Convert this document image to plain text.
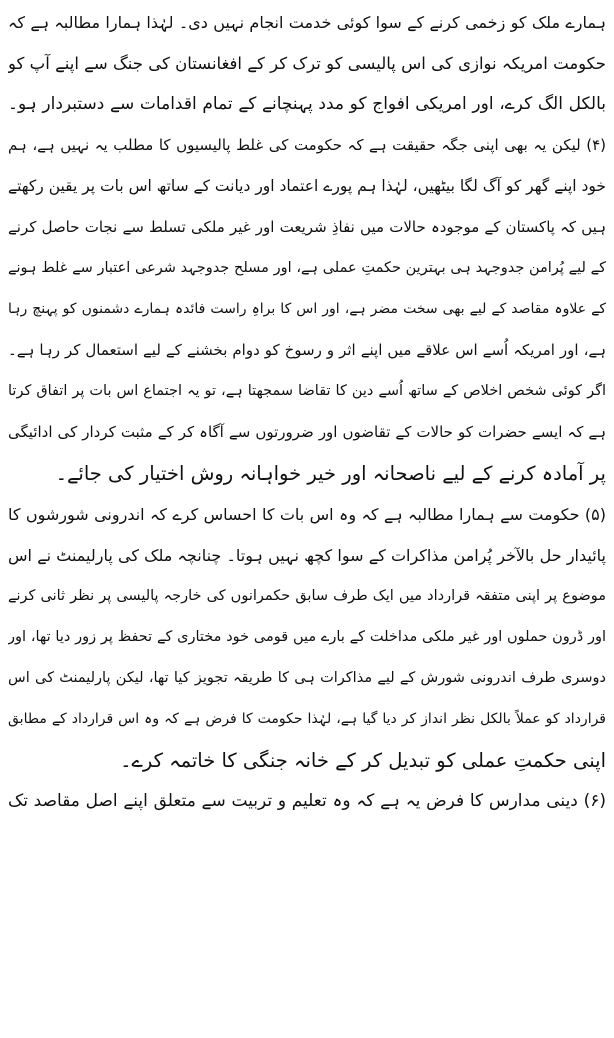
ہمارے ملک کو زخمی کرنے کے سوا کوئی خدمت انجام نہیں دی۔ لہٰذا ہمارا مطالبہ ہے کہ
حکومت امریکہ نوازی کی اس پالیسی کو ترک کر کے افغانستان کی جنگ سے اپنے آپ کو
بالکل الگ کرے، اور امریکی افواج کو مدد پہنچانے کے تمام اقدامات سے دستبردار ہو۔
(۴) لیکن یہ بھی اپنی جگہ حقیقت ہے کہ حکومت کی غلط پالیسیوں کا مطلب یہ نہیں ہے، ہم
خود اپنے گھر کو آگ لگا بیٹھیں، لہٰذا ہم پورے اعتماد اور دیانت کے ساتھ اس بات پر یقین رکھتے
ہیں کہ پاکستان کے موجودہ حالات میں نفاذِ شریعت اور غیر ملکی تسلط سے نجات حاصل کرنے
کے لیے پُرامن جدوجہد ہی بہترین حکمتِ عملی ہے، اور مسلح جدوجہد شرعی اعتبار سے غلط ہونے
کے علاوہ مقاصد کے لیے بھی سخت مضر ہے، اور اس کا براہِ راست فائدہ ہمارے دشمنوں کو پہنچ رہا
ہے، اور امریکہ اُسے اس علاقے میں اپنے اثر و رسوخ کو دوام بخشنے کے لیے استعمال کر رہا ہے۔
اگر کوئی شخص اخلاص کے ساتھ اُسے دین کا تقاضا سمجھتا ہے، تو یہ اجتماع اس بات پر اتفاق کرتا
ہے کہ ایسے حضرات کو حالات کے تقاضوں اور ضرورتوں سے آگاہ کر کے مثبت کردار کی ادائیگی
پر آمادہ کرنے کے لیے ناصحانہ اور خیر خواہانہ روش اختیار کی جائے۔
(۵) حکومت سے ہمارا مطالبہ ہے کہ وہ اس بات کا احساس کرے کہ اندرونی شورشوں کا
پائیدار حل بالآخر پُرامن مذاکرات کے سوا کچھ نہیں ہوتا۔ چنانچہ ملک کی پارلیمنٹ نے اس
موضوع پر اپنی متفقہ قرارداد میں ایک طرف سابق حکمرانوں کی خارجہ پالیسی پر نظر ثانی کرنے
اور ڈرون حملوں اور غیر ملکی مداخلت کے بارے میں قومی خود مختاری کے تحفظ پر زور دیا تھا، اور
دوسری طرف اندرونی شورش کے لیے مذاکرات ہی کا طریقہ تجویز کیا تھا، لیکن پارلیمنٹ کی اس
قرارداد کو عملاً بالکل نظر انداز کر دیا گیا ہے، لہٰذا حکومت کا فرض ہے کہ وہ اس قرارداد کے مطابق
اپنی حکمتِ عملی کو تبدیل کر کے خانہ جنگی کا خاتمہ کرے۔
(۶) دینی مدارس کا فرض یہ ہے کہ وہ تعلیم و تربیت سے متعلق اپنے اصل مقاصد تک
